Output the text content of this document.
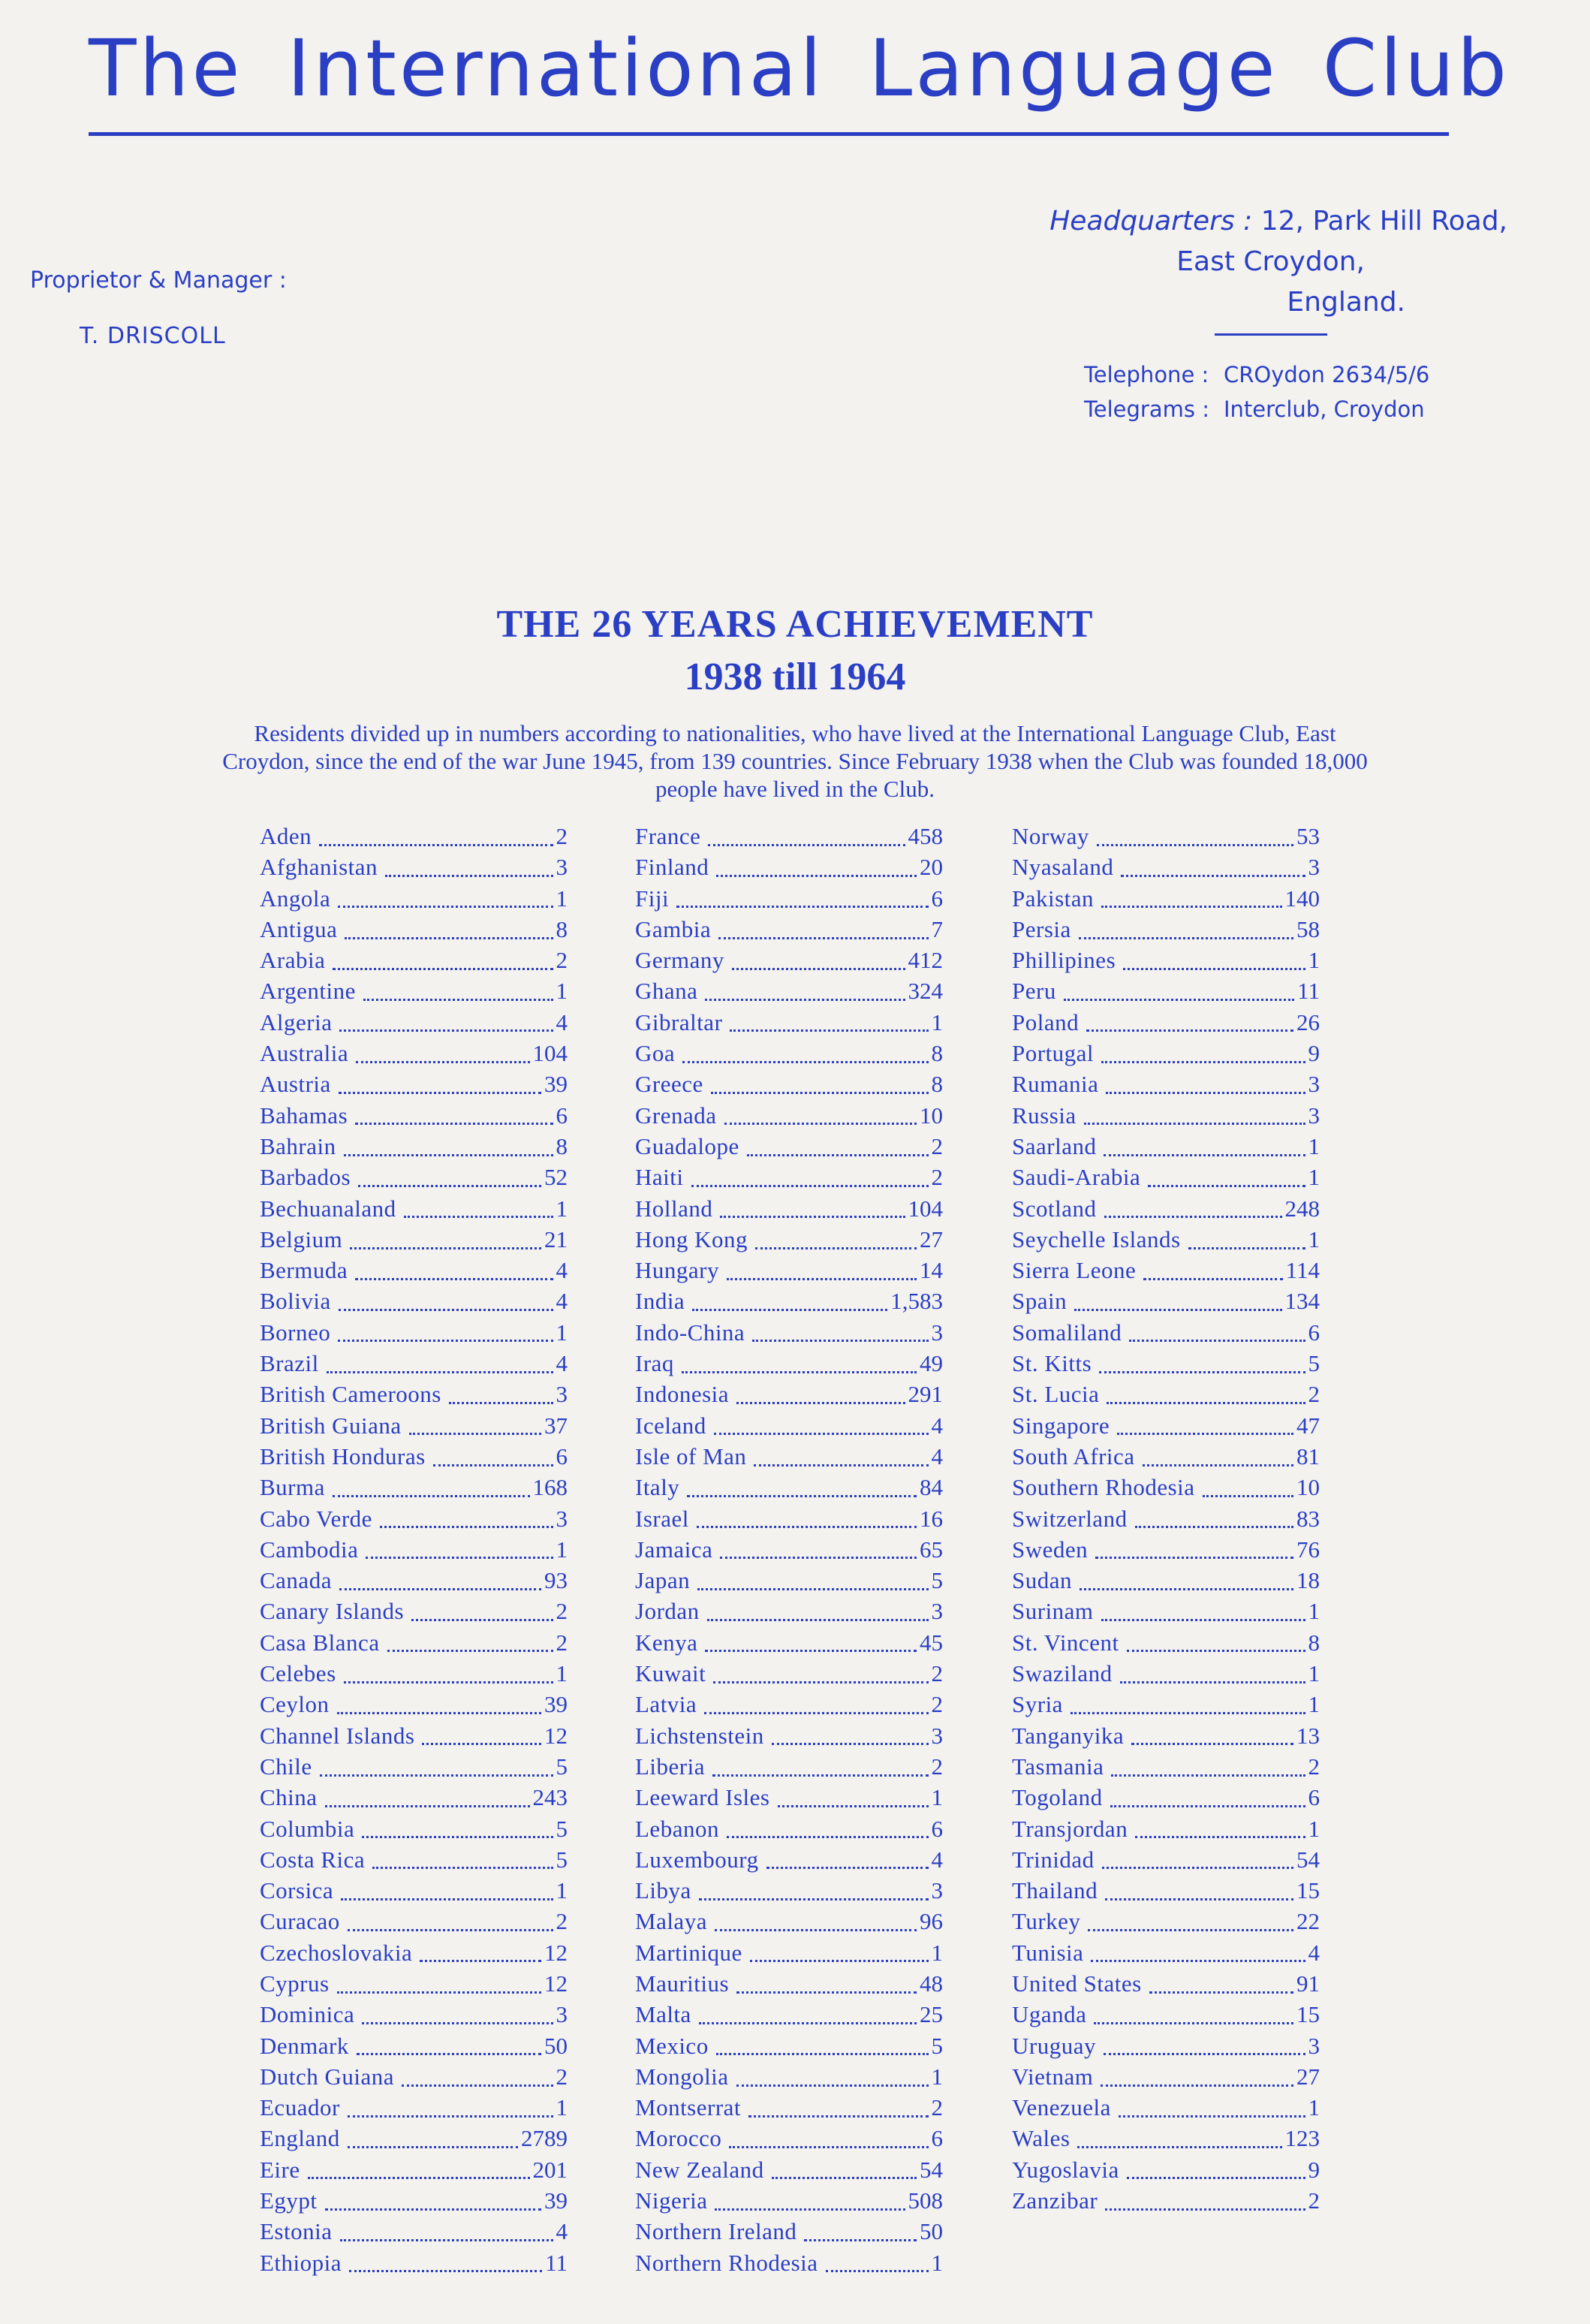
The International Language Club
Proprietor & Manager :
T. DRISCOLL
Headquarters : 12, Park Hill Road,
East Croydon,
England.
Telephone : CROydon 2634/5/6
Telegrams : Interclub, Croydon
THE 26 YEARS ACHIEVEMENT
1938 till 1964
Residents divided up in numbers according to nationalities, who have lived at the International Language Club, East Croydon, since the end of the war June 1945, from 139 countries. Since February 1938 when the Club was founded 18,000 people have lived in the Club.
Aden	2
Afghanistan	3
Angola	1
Antigua	8
Arabia	2
Argentine	1
Algeria	4
Australia	104
Austria	39
Bahamas	6
Bahrain	8
Barbados	52
Bechuanaland	1
Belgium	21
Bermuda	4
Bolivia	4
Borneo	1
Brazil	4
British Cameroons	3
British Guiana	37
British Honduras	6
Burma	168
Cabo Verde	3
Cambodia	1
Canada	93
Canary Islands	2
Casa Blanca	2
Celebes	1
Ceylon	39
Channel Islands	12
Chile	5
China	243
Columbia	5
Costa Rica	5
Corsica	1
Curacao	2
Czechoslovakia	12
Cyprus	12
Dominica	3
Denmark	50
Dutch Guiana	2
Ecuador	1
England	2789
Eire	201
Egypt	39
Estonia	4
Ethiopia	11
France	458
Finland	20
Fiji	6
Gambia	7
Germany	412
Ghana	324
Gibraltar	1
Goa	8
Greece	8
Grenada	10
Guadalope	2
Haiti	2
Holland	104
Hong Kong	27
Hungary	14
India	1,583
Indo-China	3
Iraq	49
Indonesia	291
Iceland	4
Isle of Man	4
Italy	84
Israel	16
Jamaica	65
Japan	5
Jordan	3
Kenya	45
Kuwait	2
Latvia	2
Lichstenstein	3
Liberia	2
Leeward Isles	1
Lebanon	6
Luxembourg	4
Libya	3
Malaya	96
Martinique	1
Mauritius	48
Malta	25
Mexico	5
Mongolia	1
Montserrat	2
Morocco	6
New Zealand	54
Nigeria	508
Northern Ireland	50
Northern Rhodesia	1
Norway	53
Nyasaland	3
Pakistan	140
Persia	58
Phillipines	1
Peru	11
Poland	26
Portugal	9
Rumania	3
Russia	3
Saarland	1
Saudi-Arabia	1
Scotland	248
Seychelle Islands	1
Sierra Leone	114
Spain	134
Somaliland	6
St. Kitts	5
St. Lucia	2
Singapore	47
South Africa	81
Southern Rhodesia	10
Switzerland	83
Sweden	76
Sudan	18
Surinam	1
St. Vincent	8
Swaziland	1
Syria	1
Tanganyika	13
Tasmania	2
Togoland	6
Transjordan	1
Trinidad	54
Thailand	15
Turkey	22
Tunisia	4
United States	91
Uganda	15
Uruguay	3
Vietnam	27
Venezuela	1
Wales	123
Yugoslavia	9
Zanzibar	2
